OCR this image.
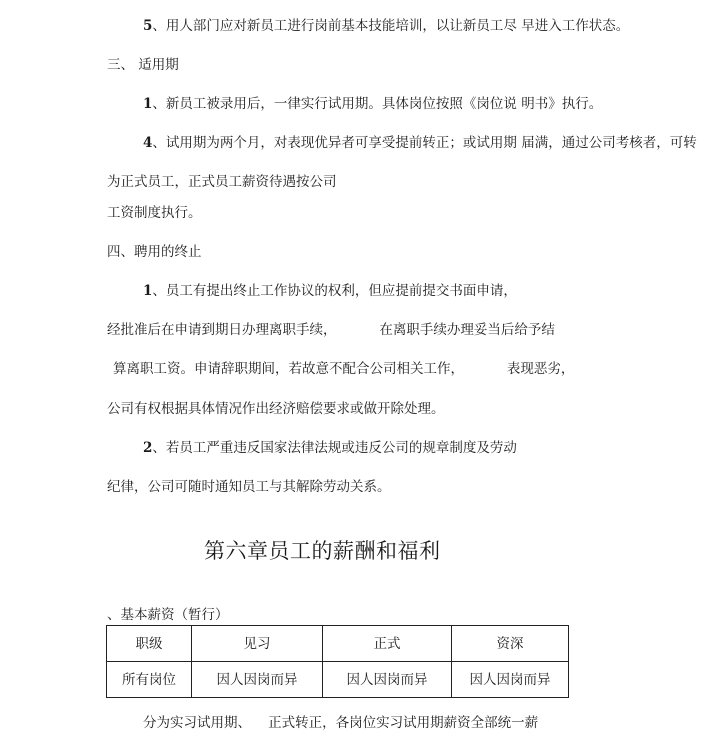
5、用人部门应对新员工进行岗前基本技能培训，以让新员工尽 早进入工作状态。
三、 适用期
1、新员工被录用后，一律实行试用期。具体岗位按照《岗位说 明书》执行。
4、试用期为两个月，对表现优异者可享受提前转正；或试用期 届满，通过公司考核者，可转
为正式员工，正式员工薪资待遇按公司
工资制度执行。
四、聘用的终止
1、员工有提出终止工作协议的权利，但应提前提交书面申请，
经批准后在申请到期日办理离职手续，          在离职手续办理妥当后给予结
算离职工资。申请辞职期间，若故意不配合公司相关工作，          表现恶劣，
公司有权根据具体情况作出经济赔偿要求或做开除处理。
2、若员工严重违反国家法律法规或违反公司的规章制度及劳动
纪律，公司可随时通知员工与其解除劳动关系。
第六章员工的薪酬和福利
、基本薪资（暂行）
职级	见习	正式	资深
所有岗位	因人因岗而异	因人因岗而异	因人因岗而异
分为实习试用期、    正式转正，各岗位实习试用期薪资全部统一薪
